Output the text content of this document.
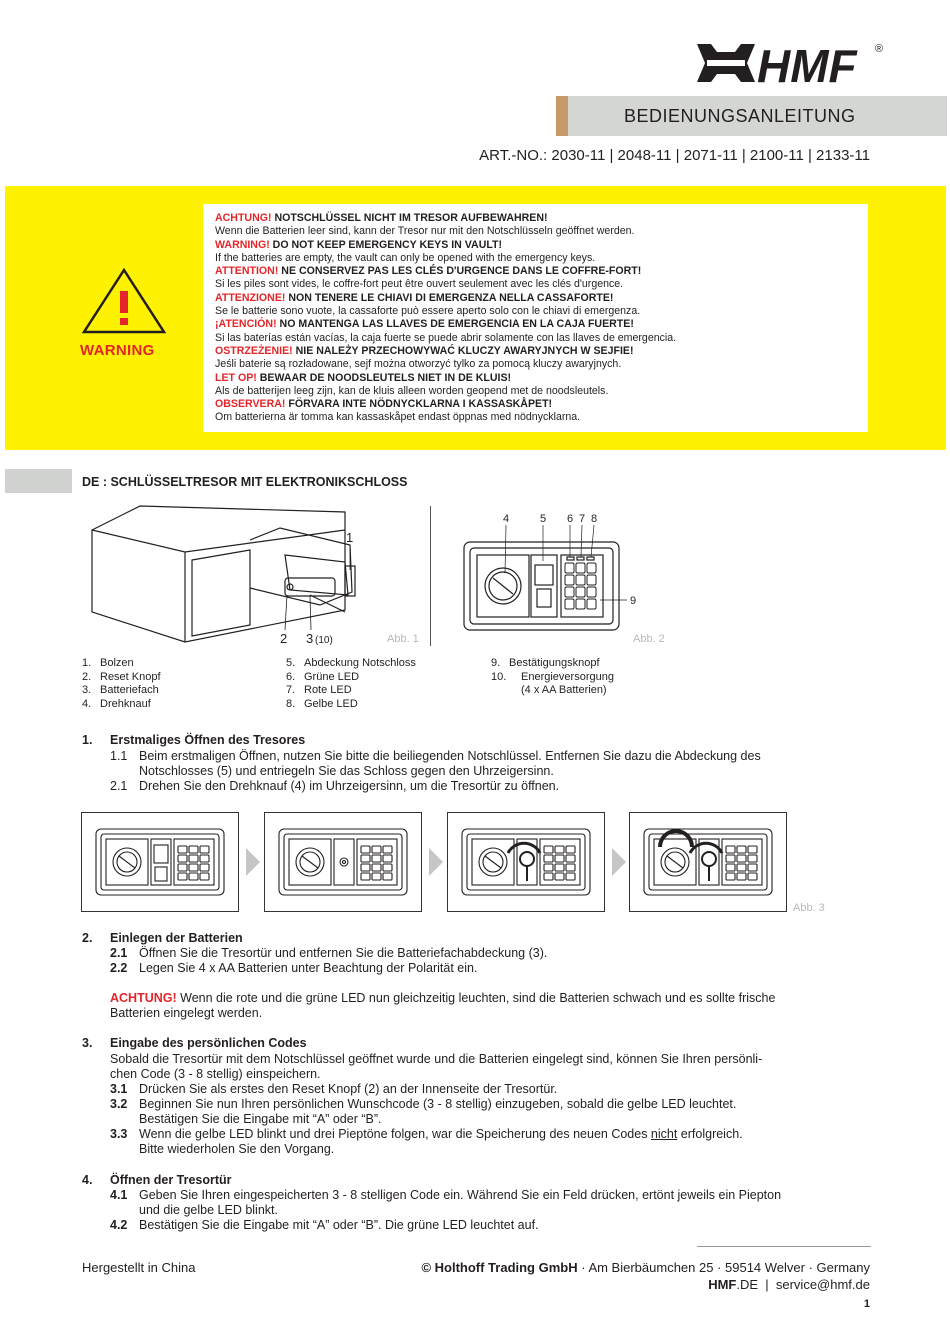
HMF ®
BEDIENUNGSANLEITUNG
ART.-NO.: 2030-11 | 2048-11 | 2071-11 | 2100-11 | 2133-11
WARNING
ACHTUNG! NOTSCHLÜSSEL NICHT IM TRESOR AUFBEWAHREN!
Wenn die Batterien leer sind, kann der Tresor nur mit den Notschlüsseln geöffnet werden.
WARNING! DO NOT KEEP EMERGENCY KEYS IN VAULT!
If the batteries are empty, the vault can only be opened with the emergency keys.
ATTENTION! NE CONSERVEZ PAS LES CLÉS D'URGENCE DANS LE COFFRE-FORT!
Si les piles sont vides, le coffre-fort peut être ouvert seulement avec les clés d'urgence.
ATTENZIONE! NON TENERE LE CHIAVI DI EMERGENZA NELLA CASSAFORTE!
Se le batterie sono vuote, la cassaforte può essere aperto solo con le chiavi di emergenza.
¡ATENCIÓN! NO MANTENGA LAS LLAVES DE EMERGENCIA EN LA CAJA FUERTE!
Si las baterías están vacías, la caja fuerte se puede abrir solamente con las llaves de emergencia.
OSTRZEŻENIE! NIE NALEŻY PRZECHOWYWAĆ KLUCZY AWARYJNYCH W SEJFIE!
Jeśli baterie są rozładowane, sejf można otworzyć tylko za pomocą kluczy awaryjnych.
LET OP! BEWAAR DE NOODSLEUTELS NIET IN DE KLUIS!
Als de batterijen leeg zijn, kan de kluis alleen worden geopend met de noodsleutels.
OBSERVERA! FÖRVARA INTE NÖDNYCKLARNA I KASSASKÅPET!
Om batterierna är tomma kan kassaskåpet endast öppnas med nödnycklarna.
DE : SCHLÜSSELTRESOR MIT ELEKTRONIKSCHLOSS
1
2 3 (10)	Abb. 1
4	5 6 7 8
9
Abb. 2
1. Bolzen
2. Reset Knopf
3. Batteriefach
4. Drehknauf
5. Abdeckung Notschloss
6. Grüne LED
7. Rote LED
8. Gelbe LED
9. Bestätigungsknopf
10. Energieversorgung
(4 x AA Batterien)
1. Erstmaliges Öffnen des Tresores
1.1 Beim erstmaligen Öffnen, nutzen Sie bitte die beiliegenden Notschlüssel. Entfernen Sie dazu die Abdeckung des
Notschlosses (5) und entriegeln Sie das Schloss gegen den Uhrzeigersinn.
2.1 Drehen Sie den Drehknauf (4) im Uhrzeigersinn, um die Tresortür zu öffnen.
Abb. 3
2. Einlegen der Batterien
2.1 Öffnen Sie die Tresortür und entfernen Sie die Batteriefachabdeckung (3).
2.2 Legen Sie 4 x AA Batterien unter Beachtung der Polarität ein.
ACHTUNG! Wenn die rote und die grüne LED nun gleichzeitig leuchten, sind die Batterien schwach und es sollte frische
Batterien eingelegt werden.
3. Eingabe des persönlichen Codes
Sobald die Tresortür mit dem Notschlüssel geöffnet wurde und die Batterien eingelegt sind, können Sie Ihren persönli-
chen Code (3 - 8 stellig) einspeichern.
3.1 Drücken Sie als erstes den Reset Knopf (2) an der Innenseite der Tresortür.
3.2 Beginnen Sie nun Ihren persönlichen Wunschcode (3 - 8 stellig) einzugeben, sobald die gelbe LED leuchtet.
Bestätigen Sie die Eingabe mit “A” oder “B”.
3.3 Wenn die gelbe LED blinkt und drei Pieptöne folgen, war die Speicherung des neuen Codes nicht erfolgreich.
Bitte wiederholen Sie den Vorgang.
4. Öffnen der Tresortür
4.1 Geben Sie Ihren eingespeicherten 3 - 8 stelligen Code ein. Während Sie ein Feld drücken, ertönt jeweils ein Piepton
und die gelbe LED blinkt.
4.2 Bestätigen Sie die Eingabe mit “A” oder “B”. Die grüne LED leuchtet auf.
Hergestellt in China	© Holthoff Trading GmbH · Am Bierbäumchen 25 · 59514 Welver · Germany
HMF.DE  |  service@hmf.de
1
